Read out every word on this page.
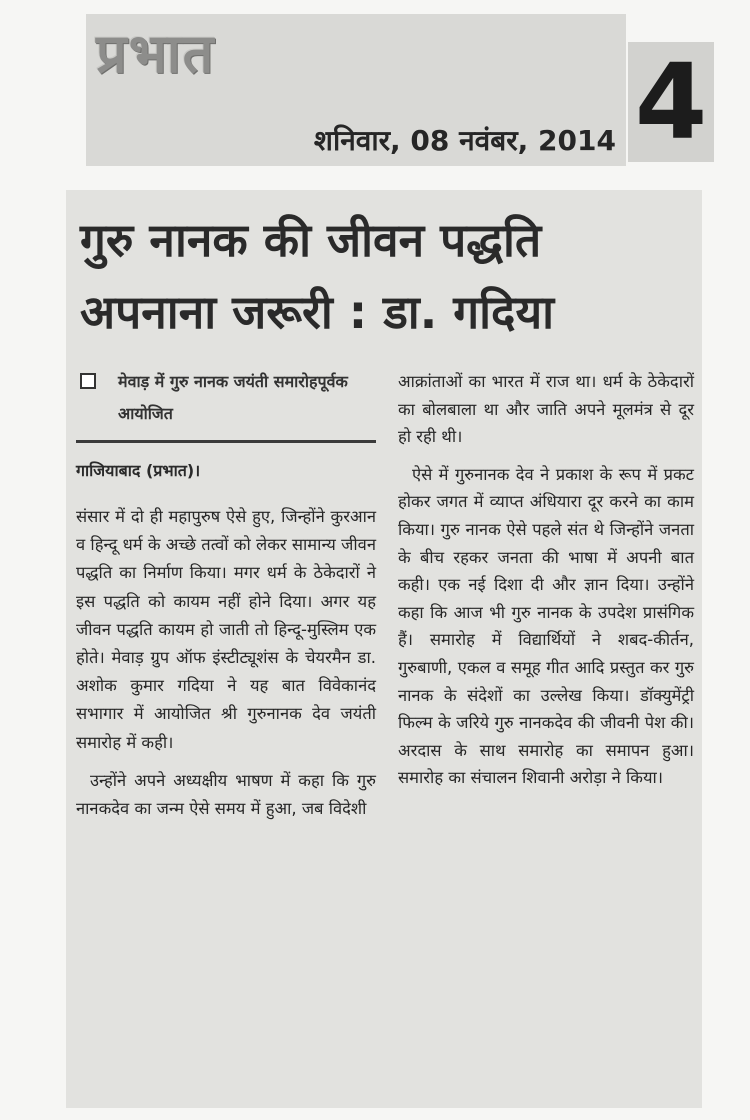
प्रभात
शनिवार, 08 नवंबर, 2014 4
गुरु नानक की जीवन पद्धति
अपनाना जरूरी : डा. गदिया
मेवाड़ में गुरु नानक जयंती समारोहपूर्वक आयोजित
गाजियाबाद (प्रभात)।

संसार में दो ही महापुरुष ऐसे हुए, जिन्होंने कुरआन व हिन्दू धर्म के अच्छे तत्वों को लेकर सामान्य जीवन पद्धति का निर्माण किया। मगर धर्म के ठेकेदारों ने इस पद्धति को कायम नहीं होने दिया। अगर यह जीवन पद्धति कायम हो जाती तो हिन्दू-मुस्लिम एक होते। मेवाड़ ग्रुप ऑफ इंस्टीट्यूशंस के चेयरमैन डा. अशोक कुमार गदिया ने यह बात विवेकानंद सभागार में आयोजित श्री गुरुनानक देव जयंती समारोह में कही।

उन्होंने अपने अध्यक्षीय भाषण में कहा कि गुरु नानकदेव का जन्म ऐसे समय में हुआ, जब विदेशी

आक्रांताओं का भारत में राज था। धर्म के ठेकेदारों का बोलबाला था और जाति अपने मूलमंत्र से दूर हो रही थी।

ऐसे में गुरुनानक देव ने प्रकाश के रूप में प्रकट होकर जगत में व्याप्त अंधियारा दूर करने का काम किया। गुरु नानक ऐसे पहले संत थे जिन्होंने जनता के बीच रहकर जनता की भाषा में अपनी बात कही। एक नई दिशा दी और ज्ञान दिया। उन्होंने कहा कि आज भी गुरु नानक के उपदेश प्रासंगिक हैं। समारोह में विद्यार्थियों ने शबद-कीर्तन, गुरुबाणी, एकल व समूह गीत आदि प्रस्तुत कर गुरु नानक के संदेशों का उल्लेख किया। डॉक्युमेंट्री फिल्म के जरिये गुरु नानकदेव की जीवनी पेश की। अरदास के साथ समारोह का समापन हुआ। समारोह का संचालन शिवानी अरोड़ा ने किया।
